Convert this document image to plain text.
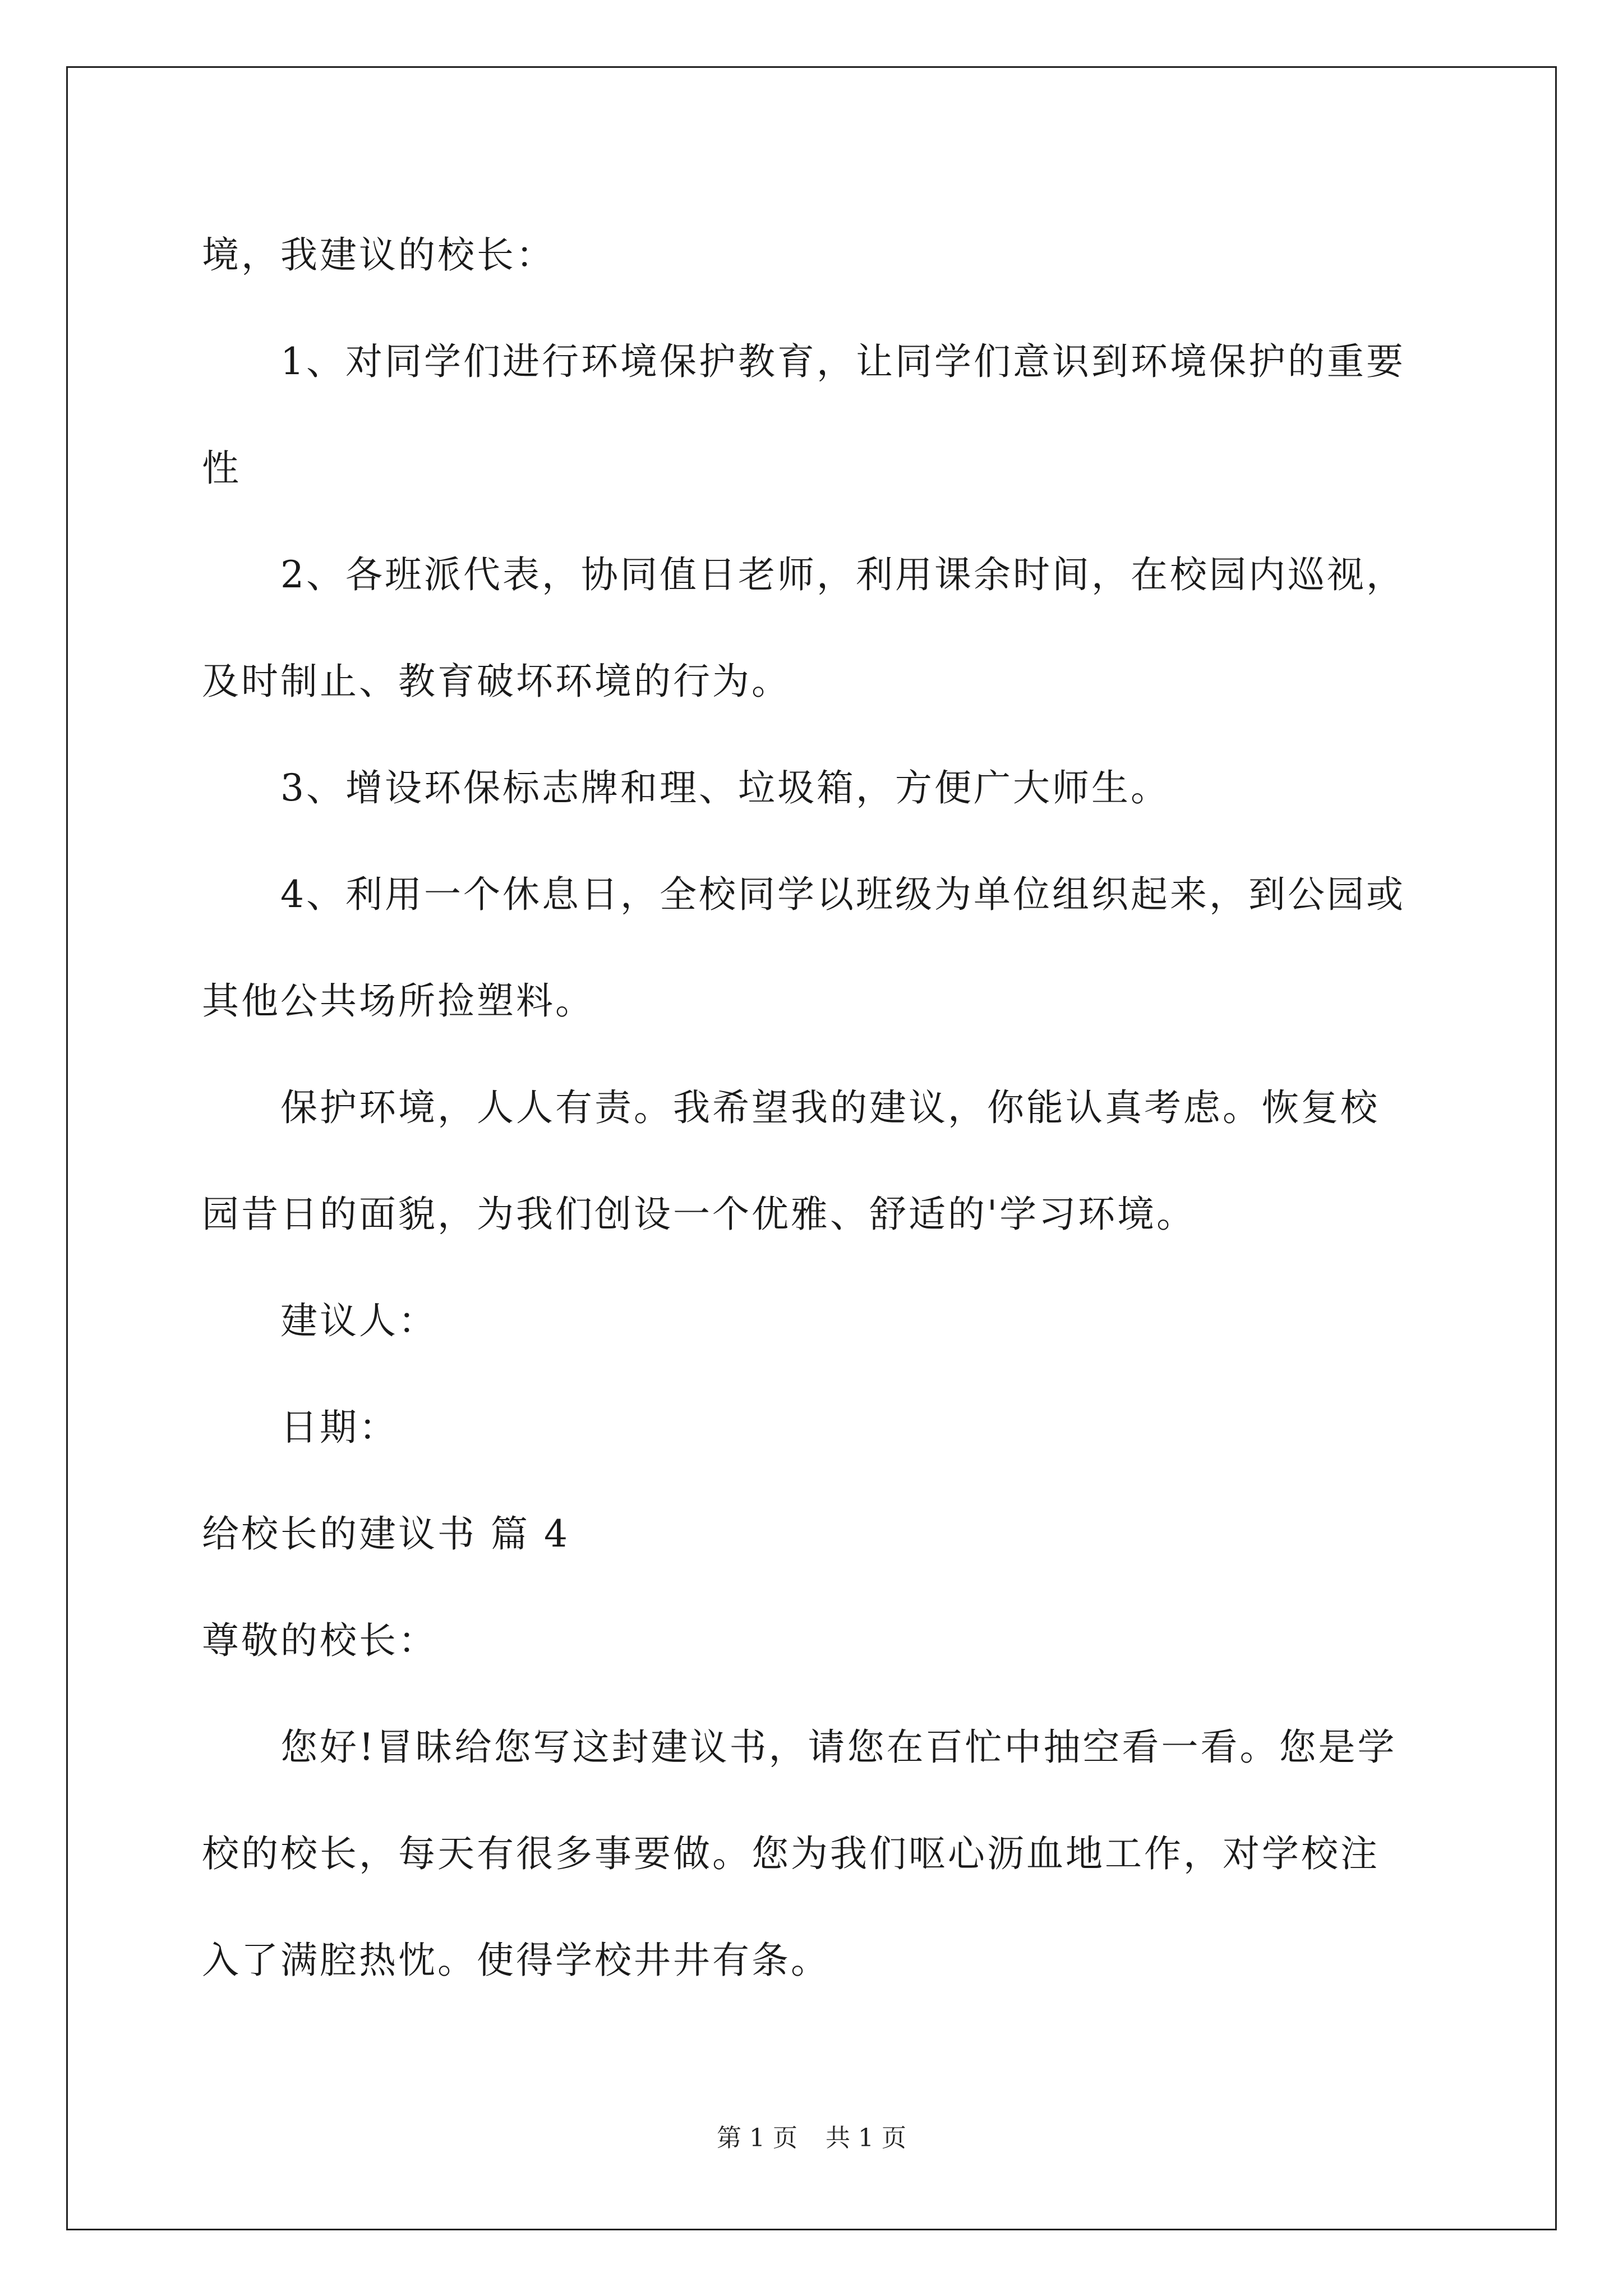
境，我建议的校长：
1、对同学们进行环境保护教育，让同学们意识到环境保护的重要
性
2、各班派代表，协同值日老师，利用课余时间，在校园内巡视，
及时制止、教育破坏环境的行为。
3、增设环保标志牌和理、垃圾箱，方便广大师生。
4、利用一个休息日，全校同学以班级为单位组织起来，到公园或
其他公共场所捡塑料。
保护环境，人人有责。我希望我的建议，你能认真考虑。恢复校
园昔日的面貌，为我们创设一个优雅、舒适的'学习环境。
建议人：
日期：
给校长的建议书 篇 4
尊敬的校长：
您好!冒昧给您写这封建议书，请您在百忙中抽空看一看。您是学
校的校长，每天有很多事要做。您为我们呕心沥血地工作，对学校注
入了满腔热忱。使得学校井井有条。
第 1 页 共 1 页
